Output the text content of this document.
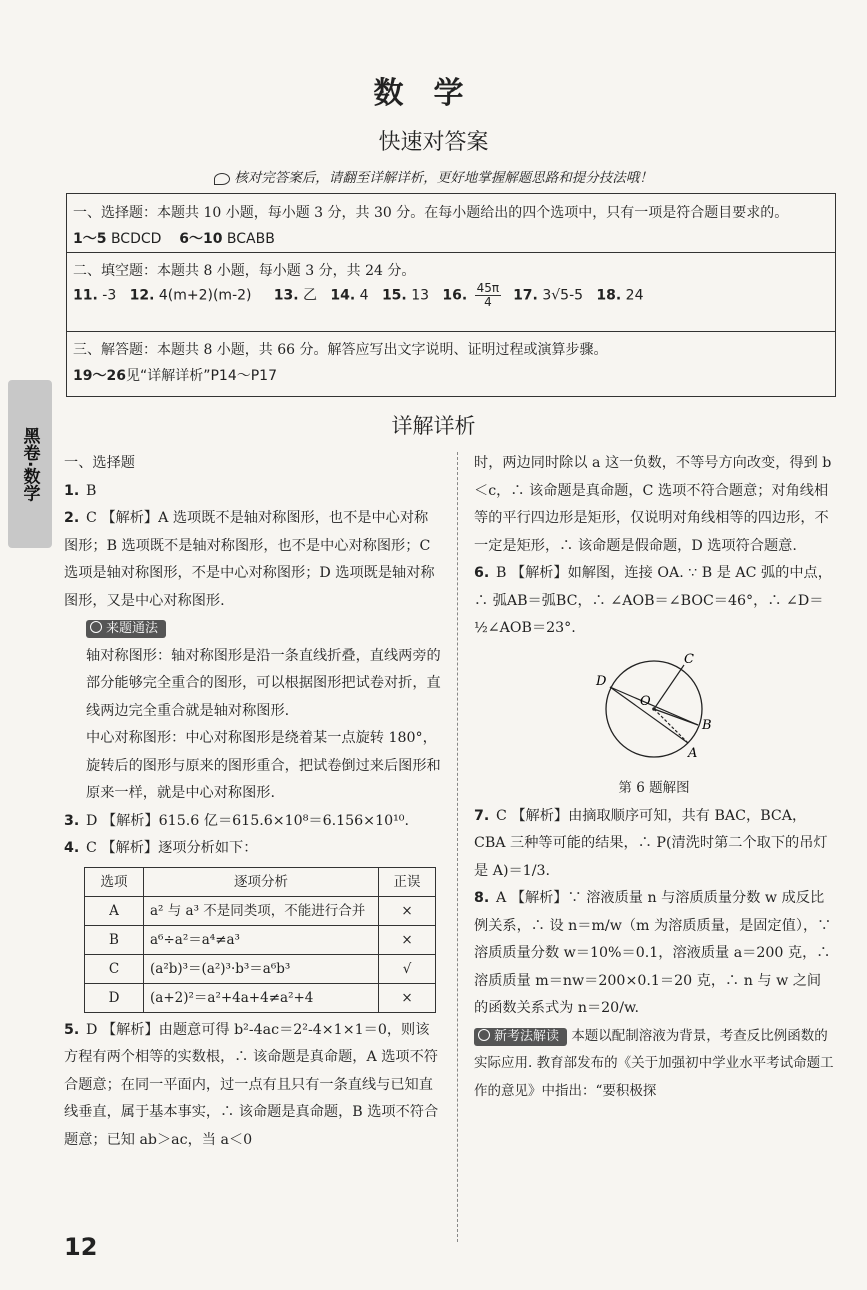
数学
快速对答案
核对完答案后，请翻至详解详析，更好地掌握解题思路和提分技法哦！
一、选择题：本题共 10 小题，每小题 3 分，共 30 分。在每小题给出的四个选项中，只有一项是符合题目要求的。
1～5 BCDCD 6～10 BCABB
二、填空题：本题共 8 小题，每小题 3 分，共 24 分。
11. -3 12. 4(m+2)(m-2) 13. 乙 14. 4 15. 13 16. $\frac{45\pi}{4} 17$. 3√5-5 18. 24
三、解答题：本题共 8 小题，共 66 分。解答应写出文字说明、证明过程或演算步骤。
19～26见“详解详析”P14～P17
黑卷·数学
详解详析

一、选择题

1. B

2. C 【解析】A 选项既不是轴对称图形，也不是中心对称图形；B 选项既不是轴对称图形，也不是中心对称图形；C 选项是轴对称图形，不是中心对称图形；D 选项既是轴对称图形，又是中心对称图形.

来题通法

轴对称图形：轴对称图形是沿一条直线折叠，直线两旁的部分能够完全重合的图形，可以根据图形把试卷对折，直线两边完全重合就是轴对称图形.

中心对称图形：中心对称图形是绕着某一点旋转 180°，旋转后的图形与原来的图形重合，把试卷倒过来后图形和原来一样，就是中心对称图形.

3. D 【解析】615.6 亿＝615.6×10⁸＝6.156×10¹⁰.

4. C 【解析】逐项分析如下：

选项	逐项分析	正误
A	a² 与 a³ 不是同类项，不能进行合并	×
B	a⁶÷a²＝a⁴≠a³	×
C	(a²b)³＝(a²)³·b³＝a⁶b³	√
D	(a+2)²＝a²+4a+4≠a²+4	×

5. D 【解析】由题意可得 b²-4ac＝2²-4×1×1＝0，则该方程有两个相等的实数根，∴ 该命题是真命题，A 选项不符合题意；在同一平面内，过一点有且只有一条直线与已知直线垂直，属于基本事实，∴ 该命题是真命题，B 选项不符合题意；已知 ab＞ac，当 a＜0

时，两边同时除以 a 这一负数，不等号方向改变，得到 b＜c，∴ 该命题是真命题，C 选项不符合题意；对角线相等的平行四边形是矩形，仅说明对角线相等的四边形，不一定是矩形，∴ 该命题是假命题，D 选项符合题意.

6. B 【解析】如解图，连接 OA. ∵ B 是 AC 弧的中点，∴ 弧AB＝弧BC，∴ ∠AOB＝∠BOC＝46°，∴ ∠D＝½∠AOB＝23°.

D
C
O
B
A

第 6 题解图

7. C 【解析】由摘取顺序可知，共有 BAC，BCA，CBA 三种等可能的结果，∴ P(清洗时第二个取下的吊灯是 A)＝1/3.

8. A 【解析】∵ 溶液质量 n 与溶质质量分数 w 成反比例关系，∴ 设 n＝m/w（m 为溶质质量，是固定值），∵ 溶质质量分数 w＝10%＝0.1，溶液质量 a＝200 克，∴ 溶质质量 m＝nw＝200×0.1＝20 克，∴ n 与 w 之间的函数关系式为 n＝20/w.

新考法解读 本题以配制溶液为背景，考查反比例函数的实际应用. 教育部发布的《关于加强初中学业水平考试命题工作的意见》中指出：“要积极探

12
